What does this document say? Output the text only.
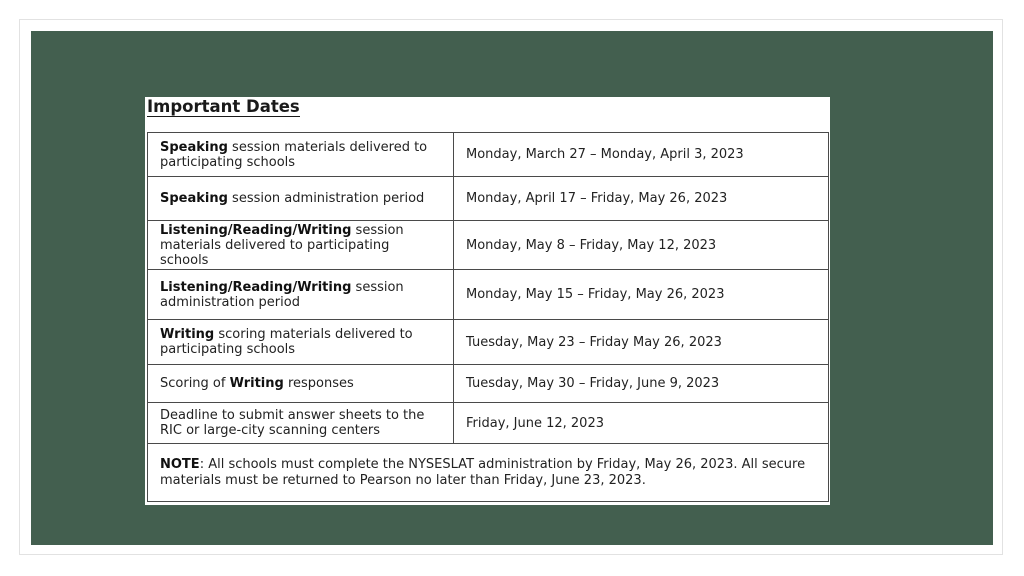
Important Dates
Speaking session materials delivered to participating schools	Monday, March 27 – Monday, April 3, 2023
Speaking session administration period	Monday, April 17 – Friday, May 26, 2023
Listening/Reading/Writing session materials delivered to participating schools	Monday, May 8 – Friday, May 12, 2023
Listening/Reading/Writing session administration period	Monday, May 15 – Friday, May 26, 2023
Writing scoring materials delivered to participating schools	Tuesday, May 23 – Friday May 26, 2023
Scoring of Writing responses	Tuesday, May 30 – Friday, June 9, 2023
Deadline to submit answer sheets to the RIC or large-city scanning centers	Friday, June 12, 2023

NOTE: All schools must complete the NYSESLAT administration by Friday, May 26, 2023. All secure materials must be returned to Pearson no later than Friday, June 23, 2023.	
